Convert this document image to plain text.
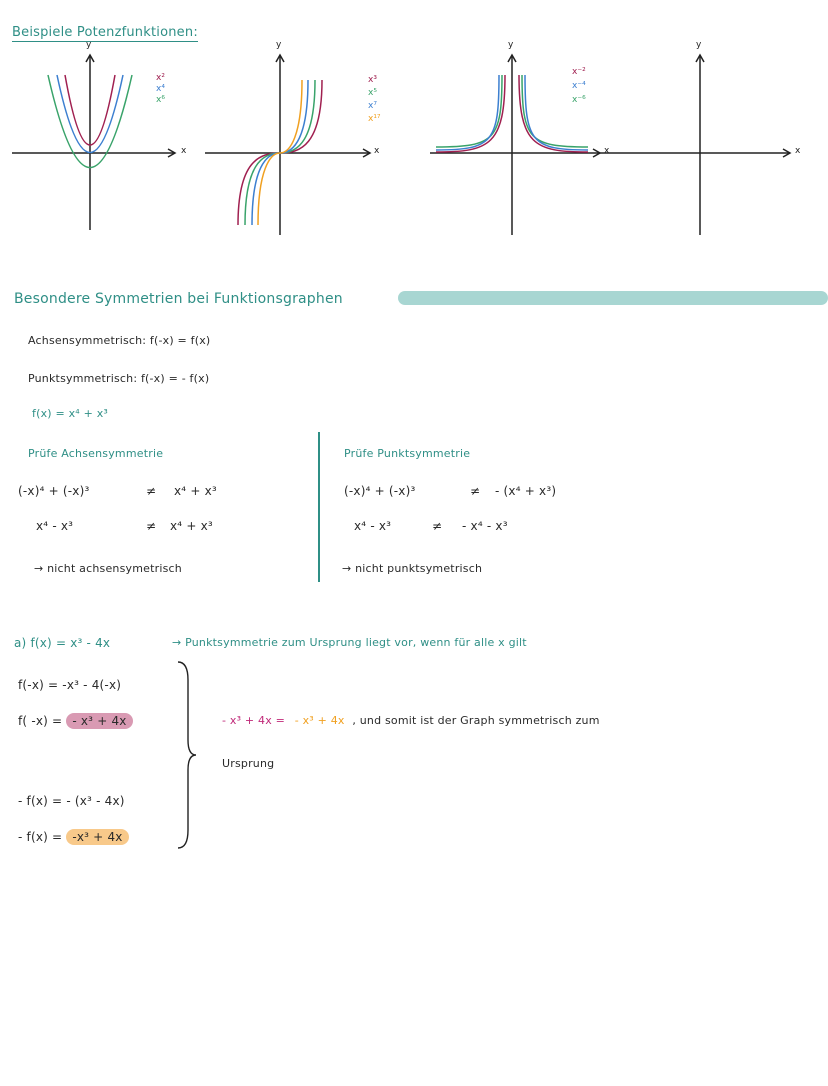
Beispiele Potenzfunktionen:
y
x
y
x
y
x
y
x
x²
x⁴
x⁶
x³
x⁵
x⁷
x¹⁷
x⁻²
x⁻⁴
x⁻⁶
Besondere Symmetrien bei Funktionsgraphen
Achsensymmetrisch: f(-x) = f(x)
Punktsymmetrisch: f(-x) = - f(x)
f(x) = x⁴ + x³
Prüfe Achsensymmetrie
(-x)⁴ + (-x)³	≠ x⁴ + x³
x⁴ - x³	≠ x⁴ + x³
→ nicht achsensymetrisch
Prüfe Punktsymmetrie
(-x)⁴ + (-x)³	≠ - (x⁴ + x³)
x⁴ - x³	≠ - x⁴ - x³
→ nicht punktsymetrisch
a) f(x) = x³ - 4x	→ Punktsymmetrie zum Ursprung liegt vor, wenn für alle x gilt
f(-x) = -x³ - 4(-x)
f( -x) = - x³ + 4x	- x³ + 4x = - x³ + 4x , und somit ist der Graph symmetrisch zum
Ursprung
- f(x) = - (x³ - 4x)
- f(x) = -x³ + 4x
